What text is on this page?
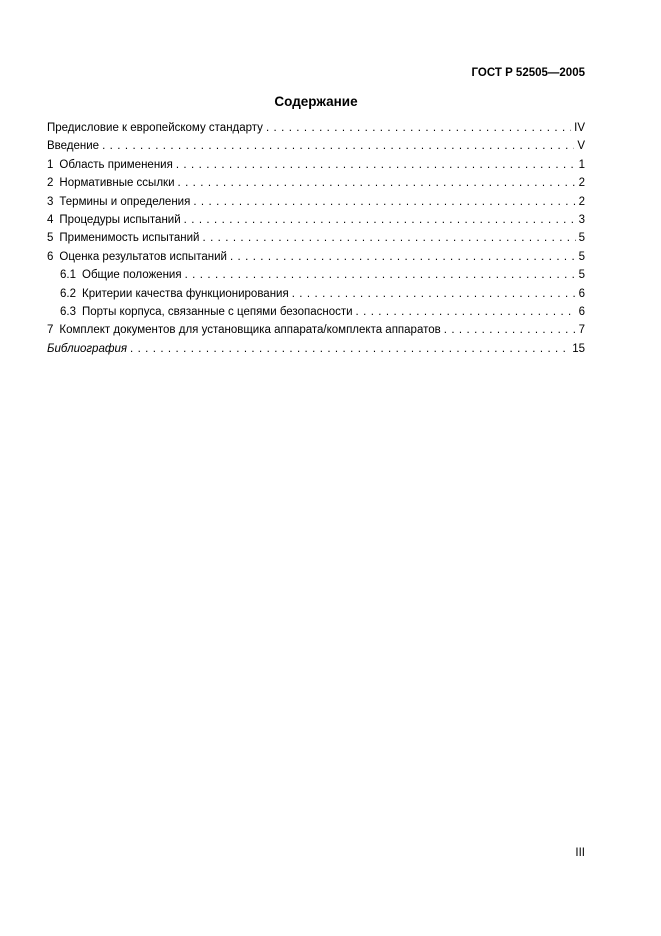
ГОСТ Р 52505—2005
Содержание
Предисловие к европейскому стандарту . . .	IV
Введение . . .	V
1 Область применения . . .	1
2 Нормативные ссылки . . .	2
3 Термины и определения . . .	2
4 Процедуры испытаний . . .	3
5 Применимость испытаний . . .	5
6 Оценка результатов испытаний . . .	5
6.1 Общие положения . . .	5
6.2 Критерии качества функционирования . . .	6
6.3 Порты корпуса, связанные с цепями безопасности . . .	6
7 Комплект документов для установщика аппарата/комплекта аппаратов . . .	7
Библиография . . .	15
III
